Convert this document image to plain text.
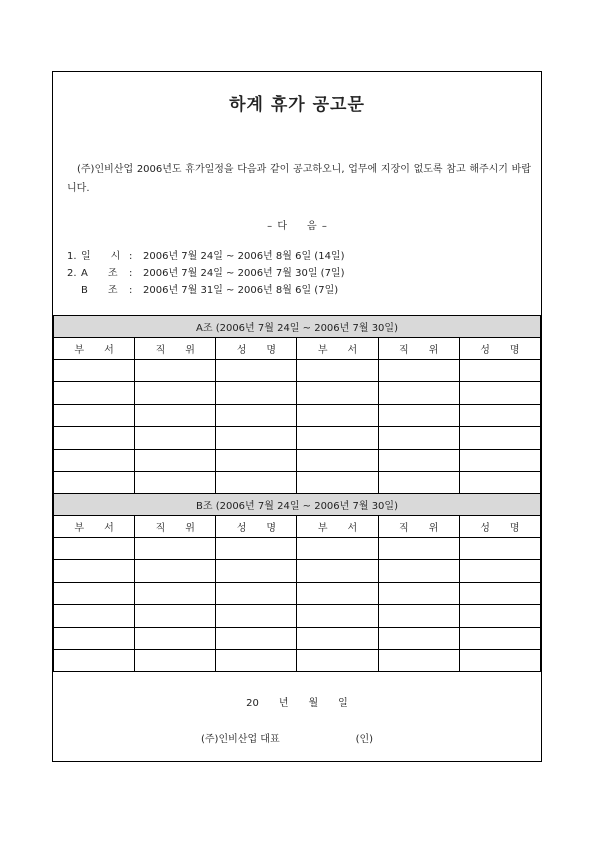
하계 휴가 공고문
(주)인비산업 2006년도 휴가일정을 다음과 같이 공고하오니, 업무에 지장이 없도록 참고 해주시기 바랍니다.
– 다　　음 –
1. 일　　시 :	2006년 7월 24일 ~ 2006년 8월 6일 (14일)
2. A　　조	:	2006년 7월 24일 ~ 2006년 7월 30일 (7일)
B　　조	:	2006년 7월 31일 ~ 2006년 8월 6일 (7일)
A조 (2006년 7월 24일 ~ 2006년 7월 30일)					
부　　서	직　　위	성　　명	부　　서	직　　위	성　　명

B조 (2006년 7월 24일 ~ 2006년 7월 30일)					
부　　서	직　　위	성　　명	부　　서	직　　위	성　　명

20　　년　　월　　일
(주)인비산업 대표	(인)
